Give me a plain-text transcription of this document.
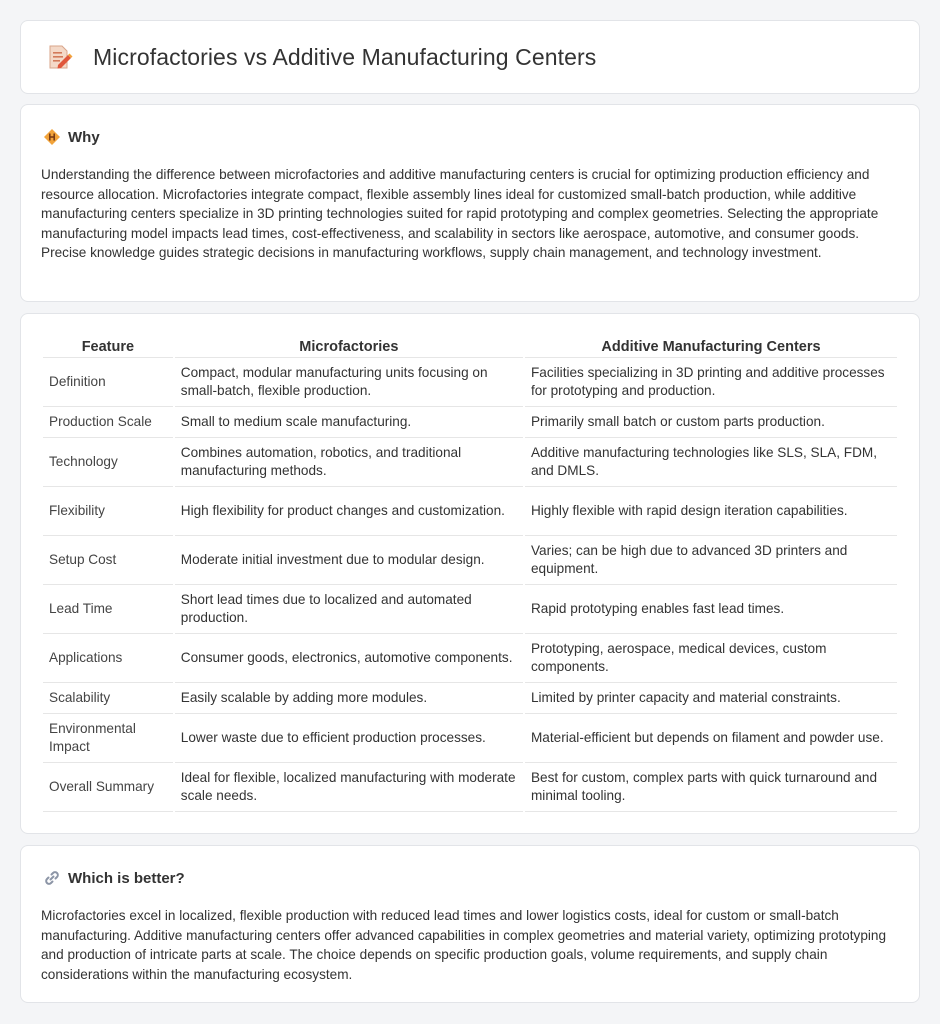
Microfactories vs Additive Manufacturing Centers
Why

Understanding the difference between microfactories and additive manufacturing centers is crucial for optimizing production efficiency and resource allocation. Microfactories integrate compact, flexible assembly lines ideal for customized small-batch production, while additive manufacturing centers specialize in 3D printing technologies suited for rapid prototyping and complex geometries. Selecting the appropriate manufacturing model impacts lead times, cost-effectiveness, and scalability in sectors like aerospace, automotive, and consumer goods. Precise knowledge guides strategic decisions in manufacturing workflows, supply chain management, and technology investment.

Feature	Microfactories	Additive Manufacturing Centers
Definition	Compact, modular manufacturing units focusing on small-batch, flexible production.	Facilities specializing in 3D printing and additive processes for prototyping and production.
Production Scale	Small to medium scale manufacturing.	Primarily small batch or custom parts production.
Technology	Combines automation, robotics, and traditional manufacturing methods.	Additive manufacturing technologies like SLS, SLA, FDM, and DMLS.
Flexibility	High flexibility for product changes and customization.	Highly flexible with rapid design iteration capabilities.
Setup Cost	Moderate initial investment due to modular design.	Varies; can be high due to advanced 3D printers and equipment.
Lead Time	Short lead times due to localized and automated production.	Rapid prototyping enables fast lead times.
Applications	Consumer goods, electronics, automotive components.	Prototyping, aerospace, medical devices, custom components.
Scalability	Easily scalable by adding more modules.	Limited by printer capacity and material constraints.
Environmental Impact	Lower waste due to efficient production processes.	Material-efficient but depends on filament and powder use.
Overall Summary	Ideal for flexible, localized manufacturing with moderate scale needs.	Best for custom, complex parts with quick turnaround and minimal tooling.
Which is better?

Microfactories excel in localized, flexible production with reduced lead times and lower logistics costs, ideal for custom or small-batch manufacturing. Additive manufacturing centers offer advanced capabilities in complex geometries and material variety, optimizing prototyping and production of intricate parts at scale. The choice depends on specific production goals, volume requirements, and supply chain considerations within the manufacturing ecosystem.
